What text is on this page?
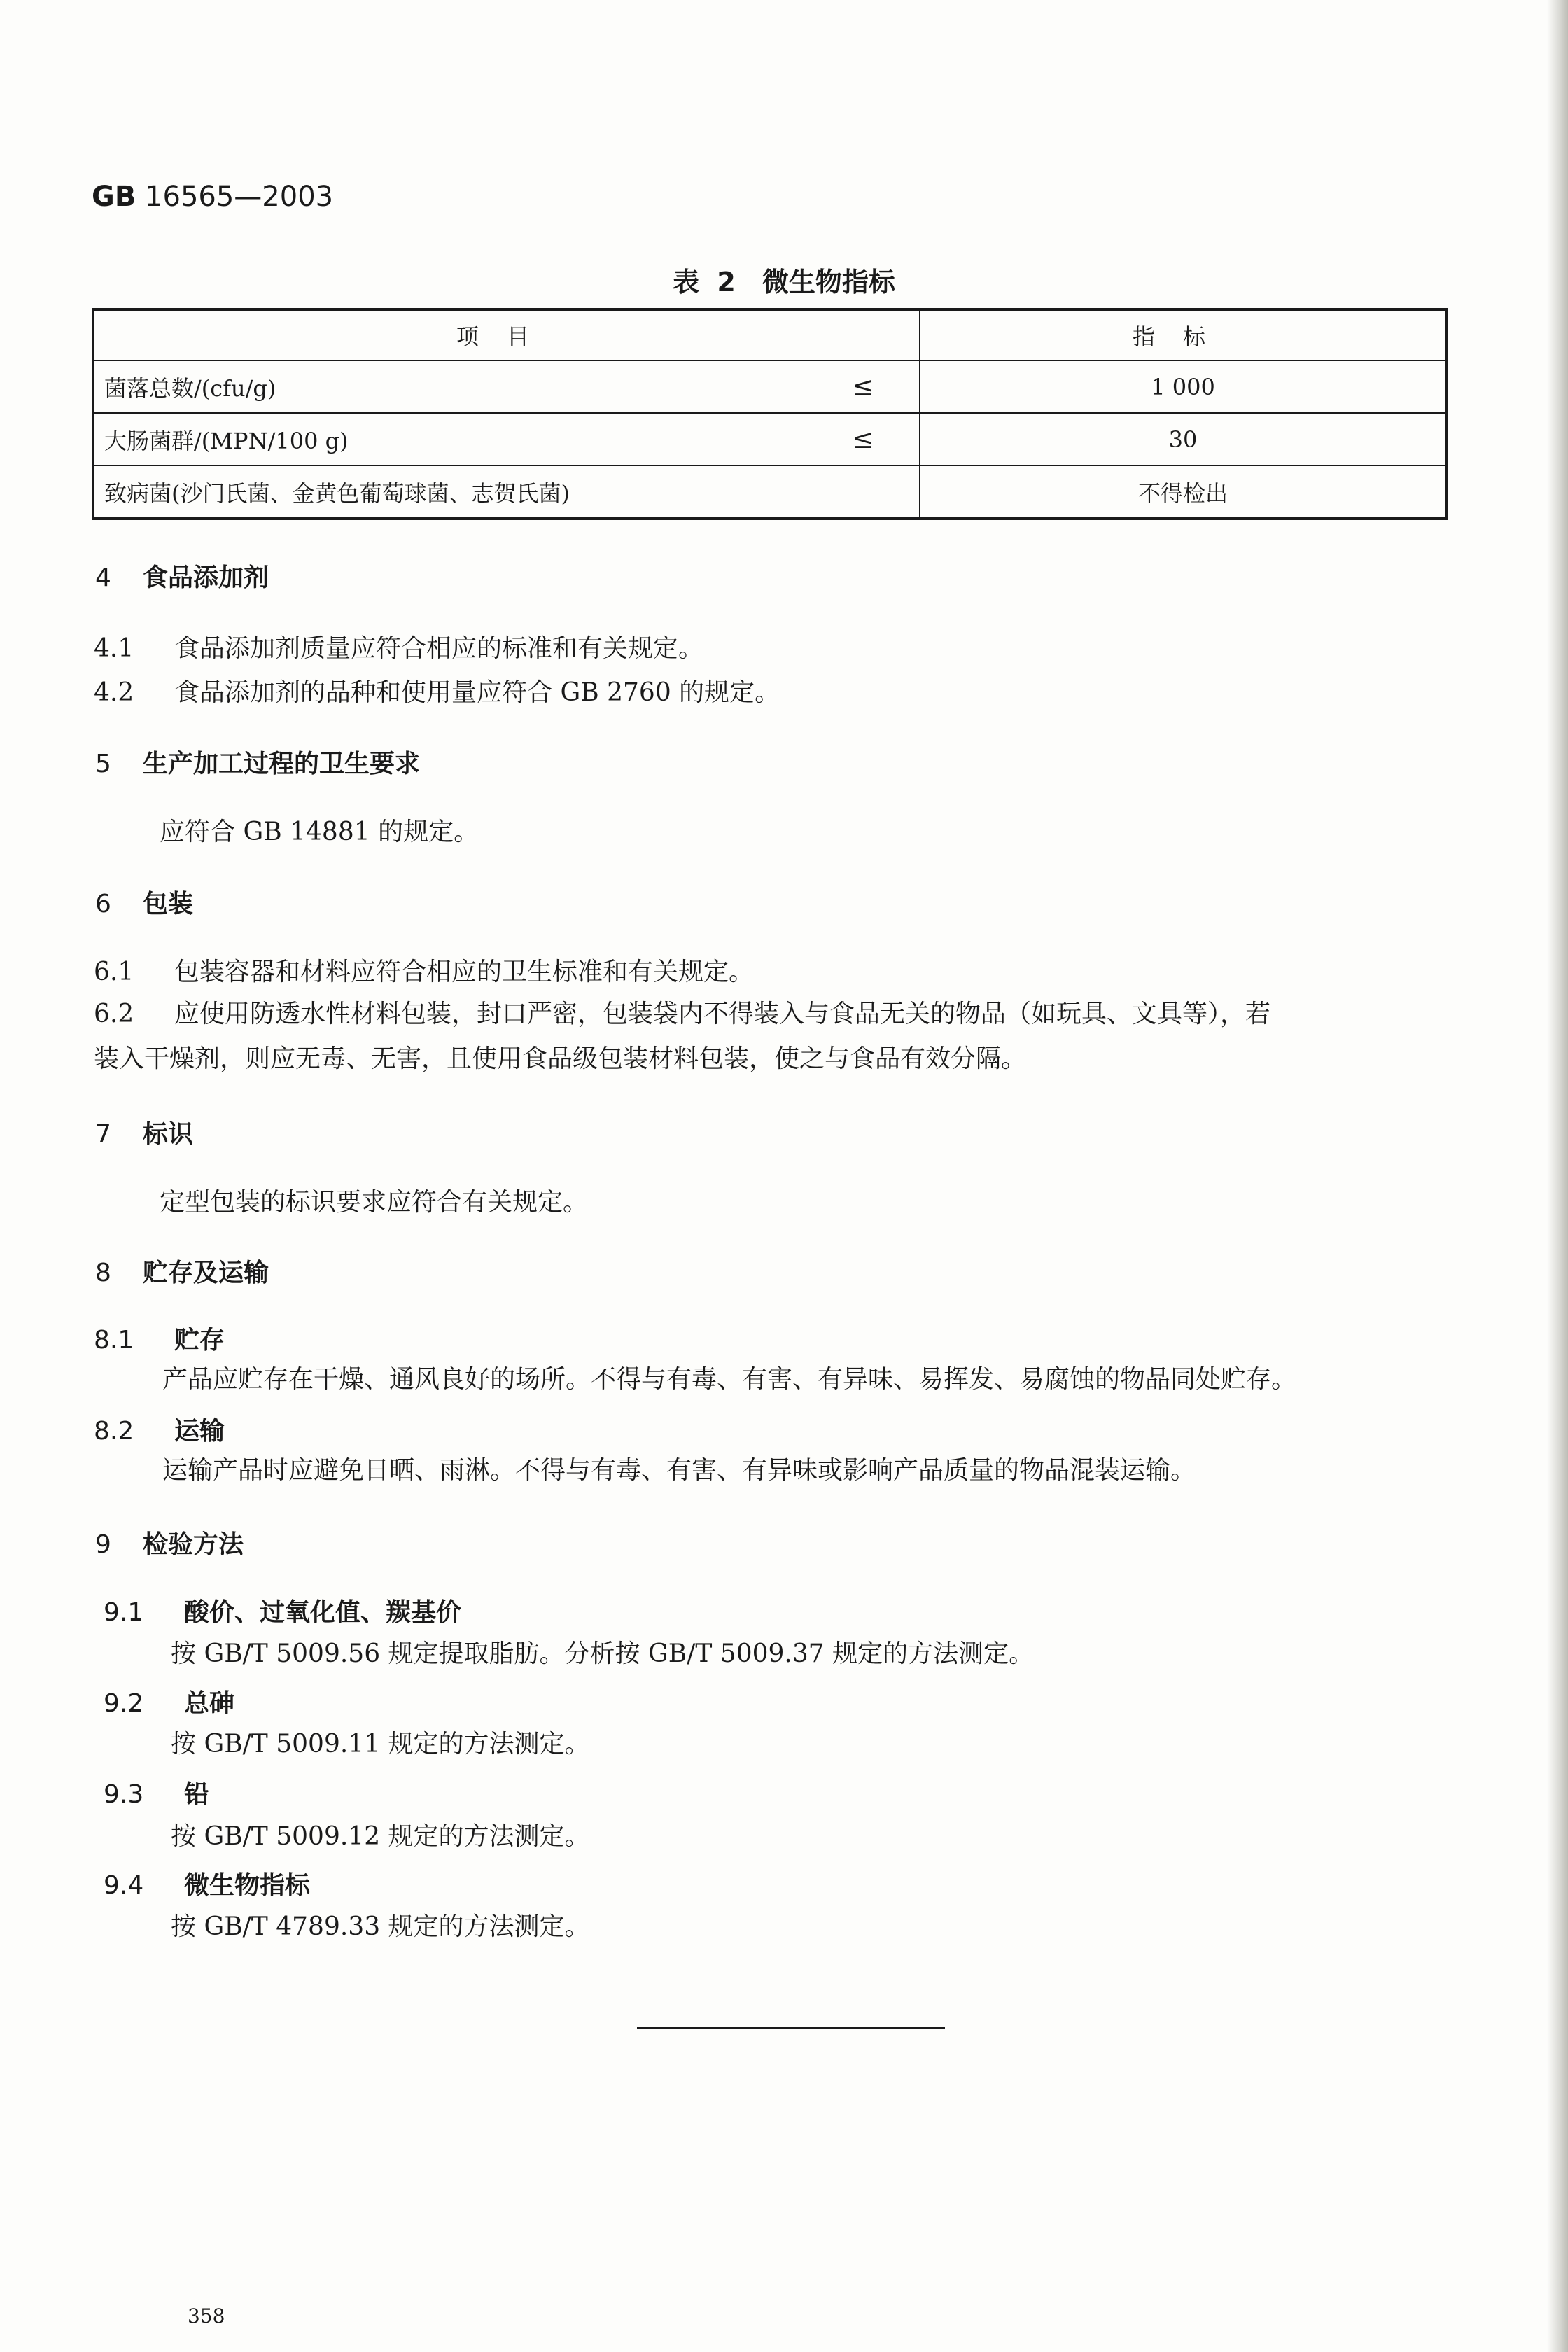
GB 16565—2003
表 2　微生物指标
项目	指标
菌落总数/(cfu/g) ≤	1 000
大肠菌群/(MPN/100 g) ≤	30
致病菌(沙门氏菌、金黄色葡萄球菌、志贺氏菌)	不得检出
4 食品添加剂
4.1 食品添加剂质量应符合相应的标准和有关规定。
4.2 食品添加剂的品种和使用量应符合 GB 2760 的规定。
5 生产加工过程的卫生要求
应符合 GB 14881 的规定。
6 包装
6.1 包装容器和材料应符合相应的卫生标准和有关规定。
6.2 应使用防透水性材料包装，封口严密，包装袋内不得装入与食品无关的物品（如玩具、文具等），若
装入干燥剂，则应无毒、无害，且使用食品级包装材料包装，使之与食品有效分隔。
7 标识
定型包装的标识要求应符合有关规定。
8 贮存及运输
8.1 贮存
产品应贮存在干燥、通风良好的场所。不得与有毒、有害、有异味、易挥发、易腐蚀的物品同处贮存。
8.2 运输
运输产品时应避免日晒、雨淋。不得与有毒、有害、有异味或影响产品质量的物品混装运输。
9 检验方法
9.1 酸价、过氧化值、羰基价
按 GB/T 5009.56 规定提取脂肪。分析按 GB/T 5009.37 规定的方法测定。
9.2 总砷
按 GB/T 5009.11 规定的方法测定。
9.3 铅
按 GB/T 5009.12 规定的方法测定。
9.4 微生物指标
按 GB/T 4789.33 规定的方法测定。
358
